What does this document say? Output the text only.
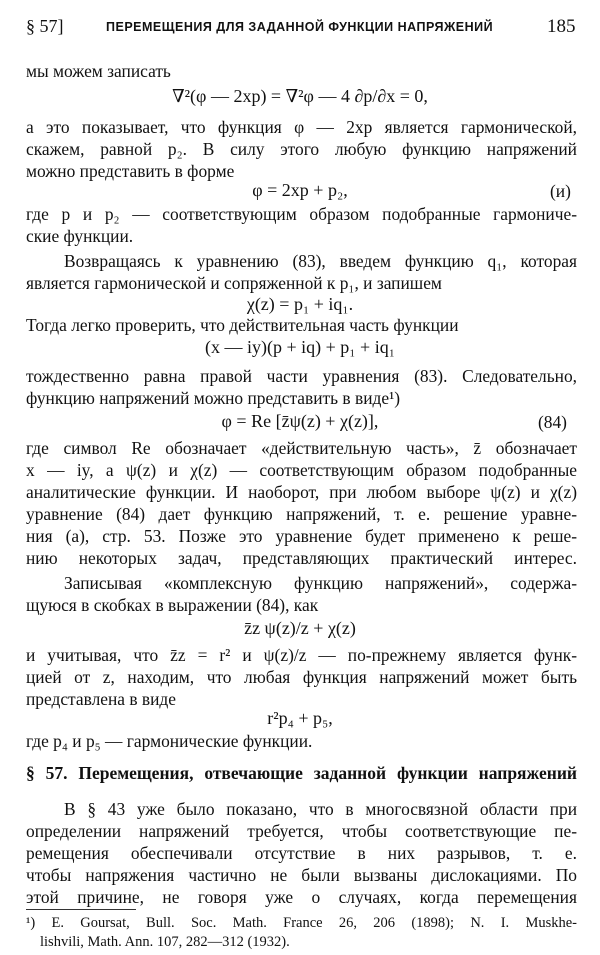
§ 57]	ПЕРЕМЕЩЕНИЯ ДЛЯ ЗАДАННОЙ ФУНКЦИИ НАПРЯЖЕНИЙ	185
мы можем записать
∇²(φ — 2xp) = ∇²φ — 4 ∂p/∂x = 0,
а это показывает, что функция φ — 2xp является гармонической,
скажем, равной p₂. В силу этого любую функцию напряжений
можно представить в форме
φ = 2xp + p₂,	(и)
где p и p₂ — соответствующим образом подобранные гармониче-
ские функции.
Возвращаясь к уравнению (83), введем функцию q₁, которая
является гармонической и сопряженной к p₁, и запишем
χ(z) = p₁ + iq₁.
Тогда легко проверить, что действительная часть функции
(x — iy)(p + iq) + p₁ + iq₁
тождественно равна правой части уравнения (83). Следовательно,
функцию напряжений можно представить в виде¹)
φ = Re [z̄ψ(z) + χ(z)],	(84)
где символ Re обозначает «действительную часть», z̄ обозначает
x — iy, а ψ(z) и χ(z) — соответствующим образом подобранные
аналитические функции. И наоборот, при любом выборе ψ(z) и χ(z)
уравнение (84) дает функцию напряжений, т. е. решение уравне-
ния (а), стр. 53. Позже это уравнение будет применено к реше-
нию некоторых задач, представляющих практический интерес.
Записывая «комплексную функцию напряжений», содержа-
щуюся в скобках в выражении (84), как
z̄z ψ(z)/z + χ(z)
и учитывая, что z̄z = r² и ψ(z)/z — по-прежнему является функ-
цией от z, находим, что любая функция напряжений может быть
представлена в виде
r²p₄ + p₅,
где p₄ и p₅ — гармонические функции.
§ 57. Перемещения, отвечающие заданной функции напряжений
В § 43 уже было показано, что в многосвязной области при
определении напряжений требуется, чтобы соответствующие пе-
ремещения обеспечивали отсутствие в них разрывов, т. е.
чтобы напряжения частично не были вызваны дислокациями. По
этой причине, не говоря уже о случаях, когда перемещения
¹) E. Goursat, Bull. Soc. Math. France 26, 206 (1898); N. I. Muskhe-
lishvili, Math. Ann. 107, 282—312 (1932).
